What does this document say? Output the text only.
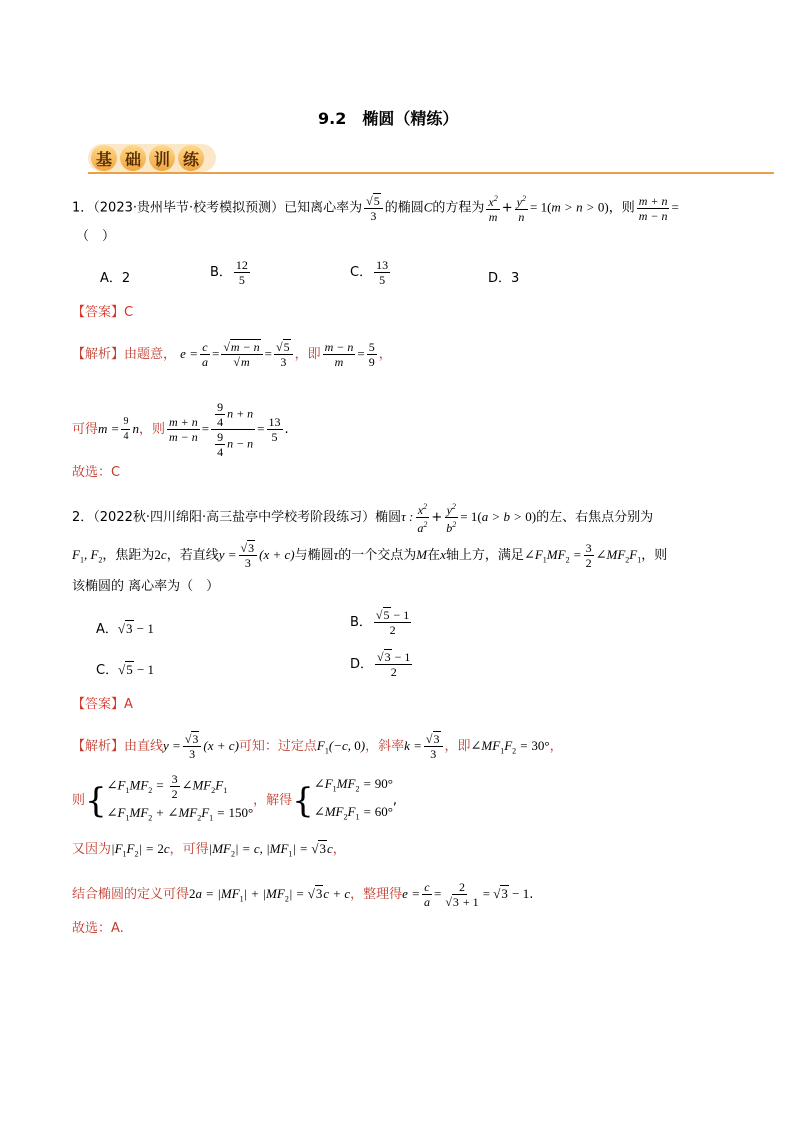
9.2　椭圆（精练）
基础训练
1．（2023·贵州毕节·校考模拟预测）已知离心率为 $\frac{√5}{3}$ 的椭圆C的方程为 $\frac{x^2}{m} + \frac{y^2}{n} = 1(m > n > 0)$，则 $\frac{m + n}{m - n}$ =
（　）
A．2	B． $\frac{12}{5}$	C． $\frac{13}{5}$	D．3
【答案】C
【解析】由题意， $e = \frac{c}{a} = \frac{√m - n}{√m} = \frac{√5}{3}$ ，即 $\frac{m - n}{m} = \frac{5}{9}$ ，
可得$m = \frac{9}{4}$ n，则 $\frac{m + n}{m - n} = \frac{\frac{9}{4} n + n}{\frac{9}{4} n - n} = \frac{13}{5}$ .
故选：C
2．（2022秋·四川绵阳·高三盐亭中学校考阶段练习）椭圆τ : $\frac{x^2}{a^2} + \frac{y^2}{b^2} = 1(a > b > 0)$的左、右焦点分别为
$F_1$, $F_2$，焦距为2c，若直线$y = \frac{√3}{3} (x + c)$与椭圆τ的一个交点为M在x轴上方，满足$\angle F_1MF_2 = \frac{3}{2}$ $\angle MF_2F_1$，则
该椭圆的 离心率为（　）
A．√3 − 1	B． $\frac{√5 - 1}{2}$
C．√5 − 1	D． $\frac{√3 - 1}{2}$
【答案】A
【解析】由直线$y = \frac{√3}{3} (x + c)$可知：过定点$F_1(-c$, 0)，斜率$k = \frac{√3}{3}$ ，即$\angle MF_1F_2 = 30^\circ$，
则{ $\angle F_1MF_2 = \frac{3}{2}$ $\angle MF_2F_1$
$\angle F_1MF_2$ + $\angle MF_2F_1 = 150^\circ$
，解得{ $\angle F_1MF_2 = 90^\circ$
$\angle MF_2F_1 = 60^\circ$
,
又因为$|F_1F_2| = 2c$，可得$|MF_2| = c$, $|MF_1| = √3c$，
结合椭圆的定义可得$2a = |MF_1| + |MF_2| = √3c + c$，整理得$e = \frac{c}{a} = \frac{2}{√3 + 1} = √3 - 1$.
故选：A.
